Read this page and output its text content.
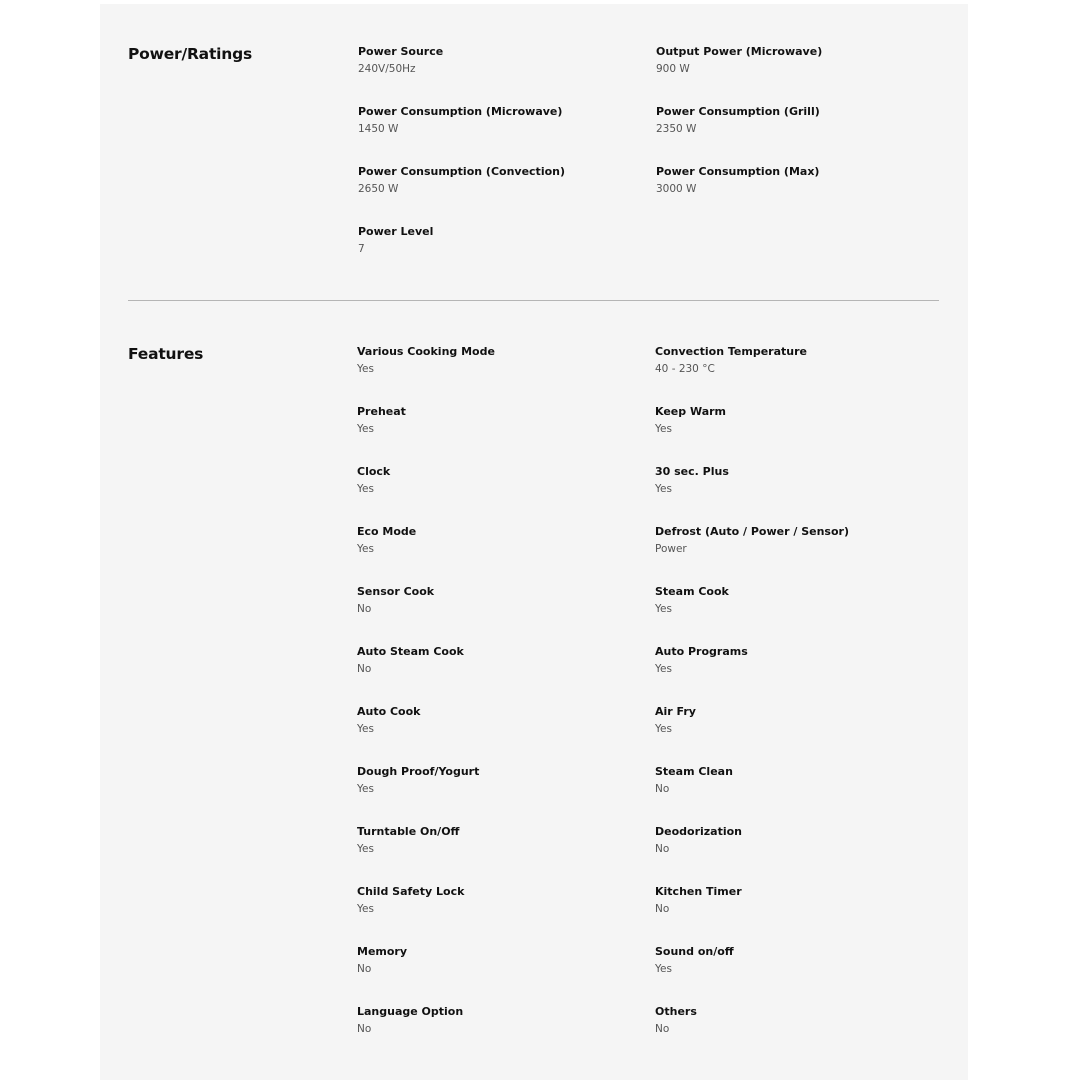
Power/Ratings	Power Source
240V/50Hz
Output Power (Microwave)
900 W
Power Consumption (Microwave)
1450 W
Power Consumption (Grill)
2350 W
Power Consumption (Convection)
2650 W
Power Consumption (Max)
3000 W
Power Level
7
Features	Various Cooking Mode
Yes
Convection Temperature
40 - 230 °C
Preheat
Yes
Keep Warm
Yes
Clock
Yes
30 sec. Plus
Yes
Eco Mode
Yes
Defrost (Auto / Power / Sensor)
Power
Sensor Cook
No
Steam Cook
Yes
Auto Steam Cook
No
Auto Programs
Yes
Auto Cook
Yes
Air Fry
Yes
Dough Proof/Yogurt
Yes
Steam Clean
No
Turntable On/Off
Yes
Deodorization
No
Child Safety Lock
Yes
Kitchen Timer
No
Memory
No
Sound on/off
Yes
Language Option
No
Others
No
